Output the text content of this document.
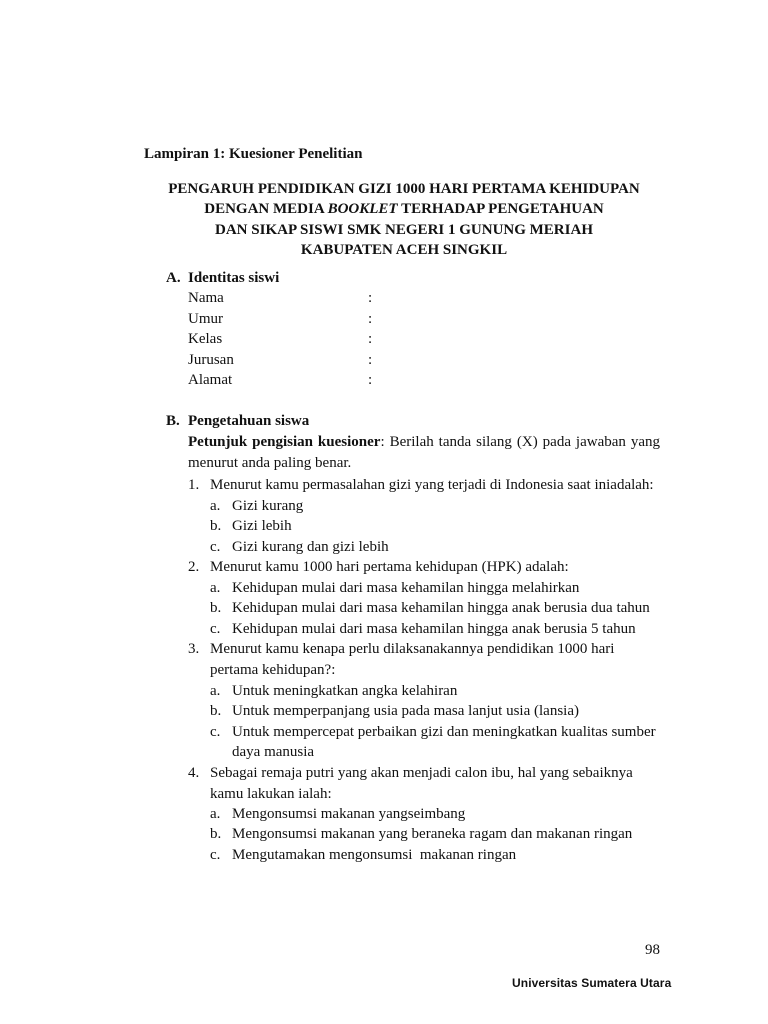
Lampiran 1: Kuesioner Penelitian
PENGARUH PENDIDIKAN GIZI 1000 HARI PERTAMA KEHIDUPAN
DENGAN MEDIA BOOKLET TERHADAP PENGETAHUAN
DAN SIKAP SISWI SMK NEGERI 1 GUNUNG MERIAH
KABUPATEN ACEH SINGKIL
A. Identitas siswi
Nama	:
Umur	:
Kelas	:
Jurusan	:
Alamat	:
B. Pengetahuan siswa
Petunjuk pengisian kuesioner: Berilah tanda silang (X) pada jawaban yang menurut anda paling benar.
1. Menurut kamu permasalahan gizi yang terjadi di Indonesia saat iniadalah:
a. Gizi kurang
b. Gizi lebih
c. Gizi kurang dan gizi lebih
2. Menurut kamu 1000 hari pertama kehidupan (HPK) adalah:
a. Kehidupan mulai dari masa kehamilan hingga melahirkan
b. Kehidupan mulai dari masa kehamilan hingga anak berusia dua tahun
c. Kehidupan mulai dari masa kehamilan hingga anak berusia 5 tahun
3. Menurut kamu kenapa perlu dilaksanakannya pendidikan 1000 hari pertama kehidupan?:
a. Untuk meningkatkan angka kelahiran
b. Untuk memperpanjang usia pada masa lanjut usia (lansia)
c. Untuk mempercepat perbaikan gizi dan meningkatkan kualitas sumber daya manusia
4. Sebagai remaja putri yang akan menjadi calon ibu, hal yang sebaiknya kamu lakukan ialah:
a. Mengonsumsi makanan yangseimbang
b. Mengonsumsi makanan yang beraneka ragam dan makanan ringan
c. Mengutamakan mengonsumsi  makanan ringan
98
Universitas Sumatera Utara
